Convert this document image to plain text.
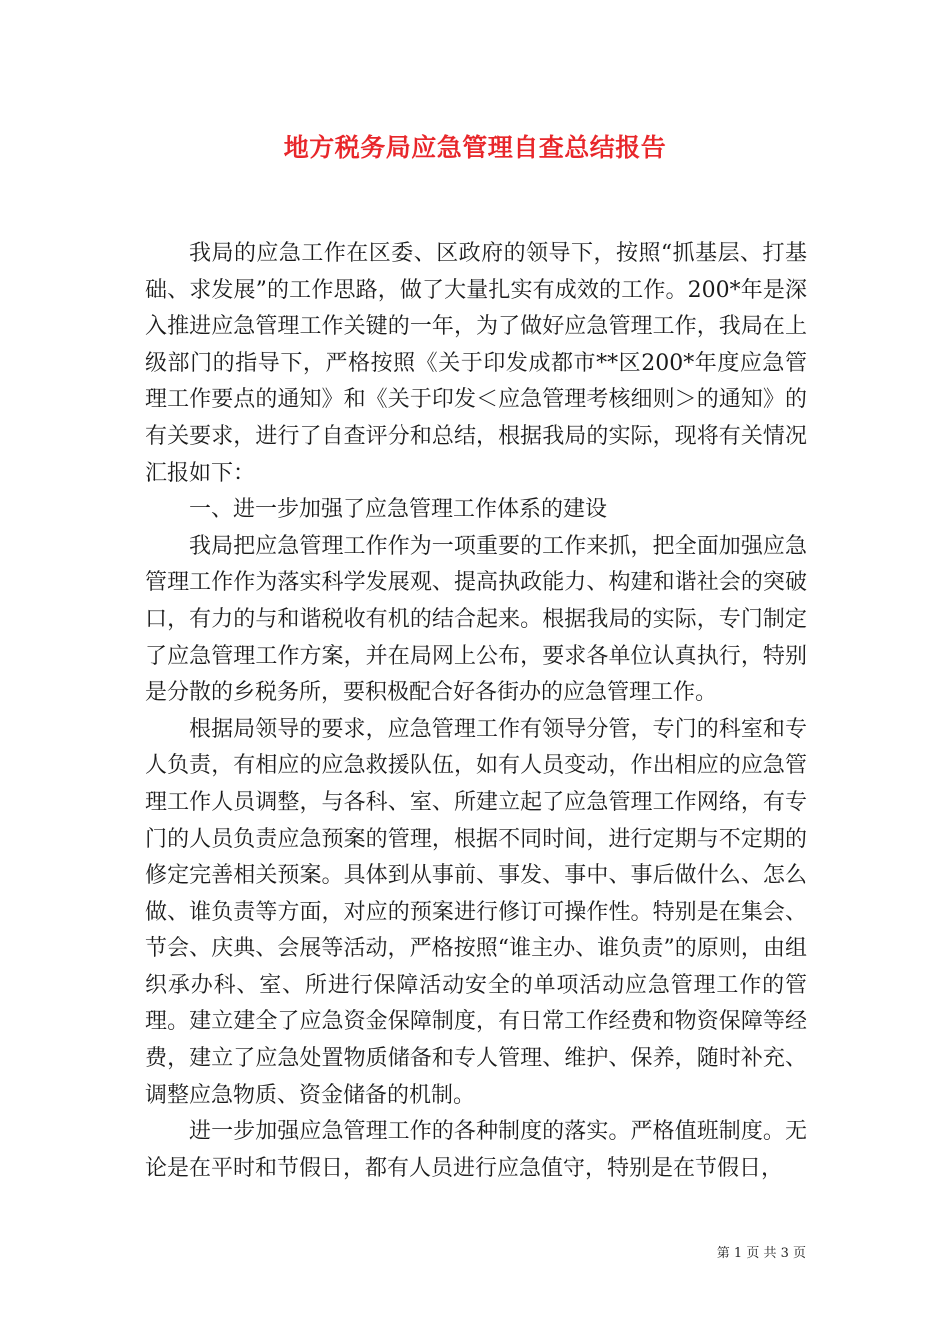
地方税务局应急管理自查总结报告

我局的应急工作在区委、区政府的领导下，按照“抓基层、打基础、求发展”的工作思路，做了大量扎实有成效的工作。200*年是深入推进应急管理工作关键的一年，为了做好应急管理工作，我局在上级部门的指导下，严格按照《关于印发成都市**区200*年度应急管理工作要点的通知》和《关于印发＜应急管理考核细则＞的通知》的有关要求，进行了自查评分和总结，根据我局的实际，现将有关情况汇报如下：

一、进一步加强了应急管理工作体系的建设

我局把应急管理工作作为一项重要的工作来抓，把全面加强应急管理工作作为落实科学发展观、提高执政能力、构建和谐社会的突破口，有力的与和谐税收有机的结合起来。根据我局的实际，专门制定了应急管理工作方案，并在局网上公布，要求各单位认真执行，特别是分散的乡税务所，要积极配合好各街办的应急管理工作。

根据局领导的要求，应急管理工作有领导分管，专门的科室和专人负责，有相应的应急救援队伍，如有人员变动，作出相应的应急管理工作人员调整，与各科、室、所建立起了应急管理工作网络，有专门的人员负责应急预案的管理，根据不同时间，进行定期与不定期的修定完善相关预案。具体到从事前、事发、事中、事后做什么、怎么做、谁负责等方面，对应的预案进行修订可操作性。特别是在集会、节会、庆典、会展等活动，严格按照“谁主办、谁负责”的原则，由组织承办科、室、所进行保障活动安全的单项活动应急管理工作的管理。建立建全了应急资金保障制度，有日常工作经费和物资保障等经费，建立了应急处置物质储备和专人管理、维护、保养，随时补充、调整应急物质、资金储备的机制。

进一步加强应急管理工作的各种制度的落实。严格值班制度。无论是在平时和节假日，都有人员进行应急值守，特别是在节假日，

第 1 页 共 3 页
